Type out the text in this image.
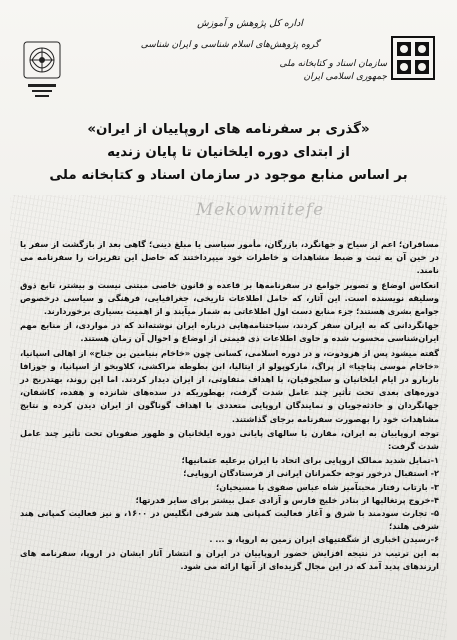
Mekowmitefe
اداره کل پژوهش و آموزش
گروه پژوهش‌های اسلام شناسی و ایران شناسی
سازمان اسناد و کتابخانه ملی
جمهوری اسلامی ایران
«گذری بر سفرنامه های اروپاییان از ایران»
از ابتدای دوره ایلخانیان تا پایان زندیه
بر اساس منابع موجود در سازمان اسناد و کتابخانه ملی

مسافران؛ اعم از سیاح و جهانگرد، بازرگان، مأمور سیاسی یا مبلغ دینی؛ گاهی بعد از بازگشت از سفر یا در حین آن به ثبت و ضبط مشاهدات و خاطرات خود میپرداختند که حاصل این تقریرات را سفرنامه می نامند.

انعکاس اوضاع و تصویر جوامع در سفرنامه‌ها بر قاعده و قانون خاصی مبتنی نیست و بیشتر، تابع ذوق وسلیقه نویسنده است. این آثار، که حامل اطلاعات تاریخی، جغرافیایی، فرهنگی و سیاسی درخصوص جوامع بشری هستند؛ جزء منابع دست اول اطلاعاتی به شمار میآیند و از اهمیت بسیاری برخوردارند.

جهانگردانی که به ایران سفر کردند، سیاحتنامه‌هایی درباره ایران نوشته‌اند که در مواردی، از منابع مهم ایران‌شناسی محسوب شده و حاوی اطلاعات ذی قیمتی از اوضاع و احوال آن زمان هستند.

گفته میشود پس از هرودوت، و در دوره اسلامی، کسانی چون «خاخام بنیامین بن جناح» از اهالی اسپانیا، «خاخام موسی پتاچیا» از پراگ، مارکوپولو از ایتالیا، ابن بطوطه مراکشی، کلاویخو از اسپانیا، و جوزافا باربارو در ایام ایلخانیان و سلجوقیان، با اهداف متفاوتی، از ایران دیدار کردند. اما این روند، بهتدریج در دوره‌های بعدی تحت تأثیر چند عامل شدت گرفت، بهطوریکه در سده‌های شانزده و هفده، کاشفان، جهانگردان و حادثه‌جویان و نمایندگان اروپایی متعددی با اهداف گوناگون از ایران دیدن کرده و نتایج مشاهدات خود را بهصورت سفرنامه برجای گذاشتند.

توجه اروپاییان به ایران، مقارن با سالهای پایانی دوره ایلخانیان و ظهور صفویان تحت تأثیر چند عامل شدت گرفت:

۱-تمایل شدید ممالک اروپایی برای اتحاد با ایران برعلیه عثمانیها؛
۲- استقبال درخور توجه حکمرانان ایرانی از فرستادگان اروپایی؛
۳- بازتاب رفتار محبتآمیز شاه عباس صفوی با مسیحیان؛
۴-خروج پرتغالیها از بنادر خلیج فارس و آزادی عمل بیشتر برای سایر قدرتها؛
۵- تجارت سودمند با شرق و آغاز فعالیت کمپانی هند شرقی انگلیس در ۱۶۰۰، و نیز فعالیت کمپانی هند شرقی هلند؛
۶-رسیدن اخباری از شگفتیهای ایران زمین به اروپا، و ... .

به این ترتیب در نتیجه افزایش حضور اروپاییان در ایران و انتشار آثار ایشان در اروپا، سفرنامه های ارزندهای پدید آمد که در این مجال گزیده‌ای از آنها ارائه می شود.
